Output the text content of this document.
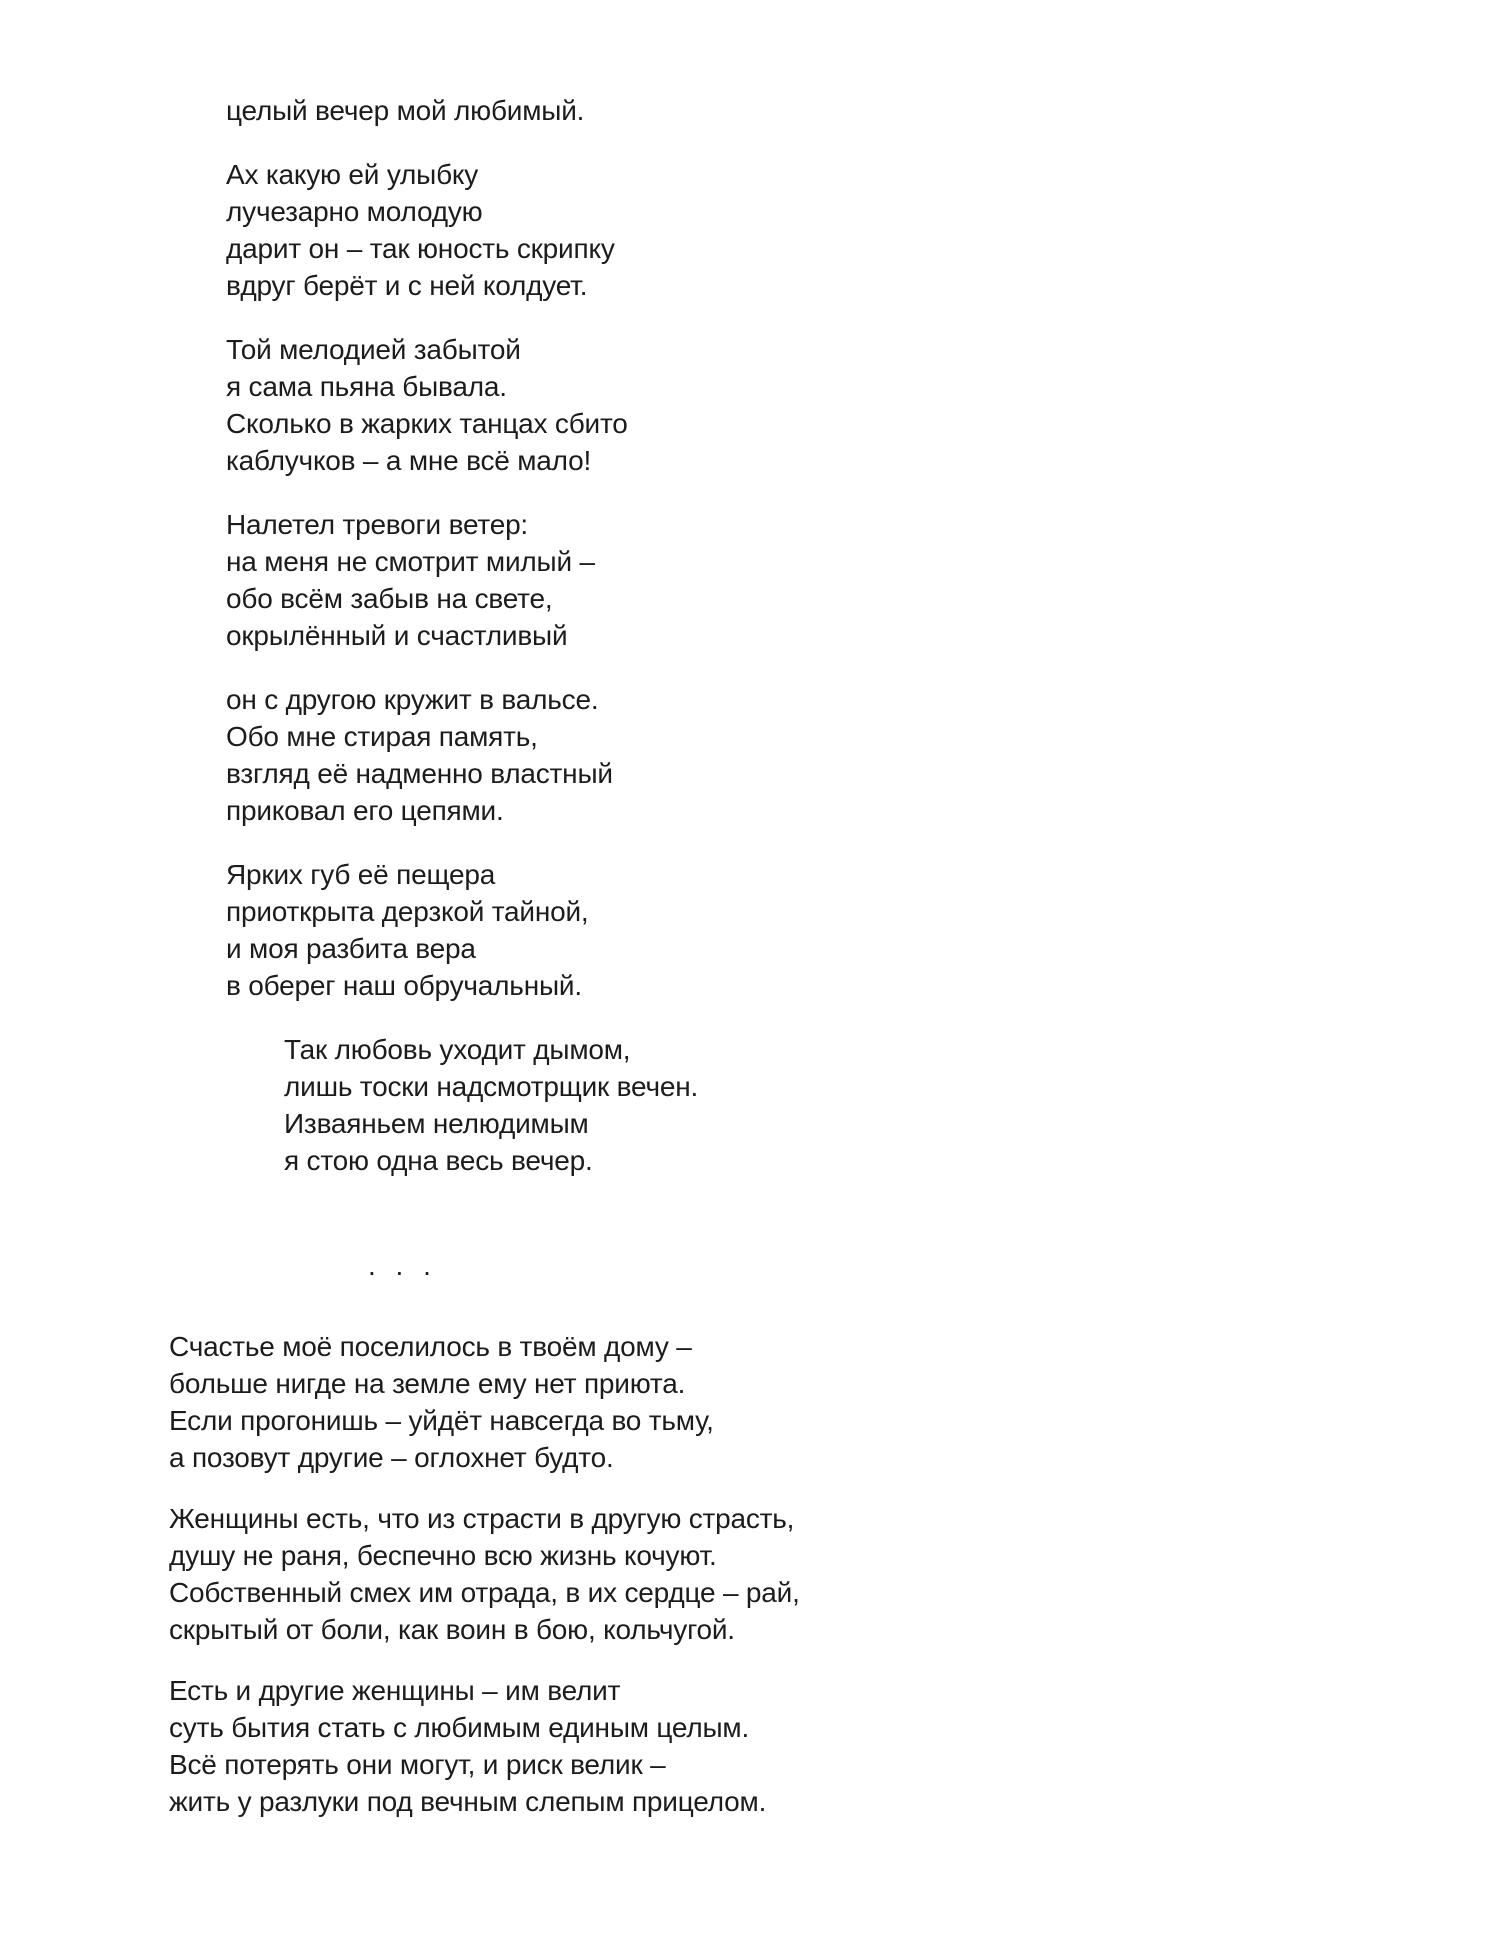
целый вечер мой любимый.

Ах какую ей улыбку
лучезарно молодую
дарит он – так юность скрипку
вдруг берёт и с ней колдует.

Той мелодией забытой
я сама пьяна бывала.
Сколько в жарких танцах сбито
каблучков – а мне всё мало!

Налетел тревоги ветер:
на меня не смотрит милый –
обо всём забыв на свете,
окрылённый и счастливый

он с другою кружит в вальсе.
Обо мне стирая память,
взгляд её надменно властный
приковал его цепями.

Ярких губ её пещера
приоткрыта дерзкой тайной,
и моя разбита вера
в оберег наш обручальный.

Так любовь уходит дымом,
лишь тоски надсмотрщик вечен.
Изваяньем нелюдимым
я стою одна весь вечер.

. . .

Счастье моё поселилось в твоём дому –
больше нигде на земле ему нет приюта.
Если прогонишь – уйдёт навсегда во тьму,
а позовут другие – оглохнет будто.

Женщины есть, что из страсти в другую страсть,
душу не раня, беспечно всю жизнь кочуют.
Собственный смех им отрада, в их сердце – рай,
скрытый от боли, как воин в бою, кольчугой.

Есть и другие женщины – им велит
суть бытия стать с любимым единым целым.
Всё потерять они могут, и риск велик –
жить у разлуки под вечным слепым прицелом.
